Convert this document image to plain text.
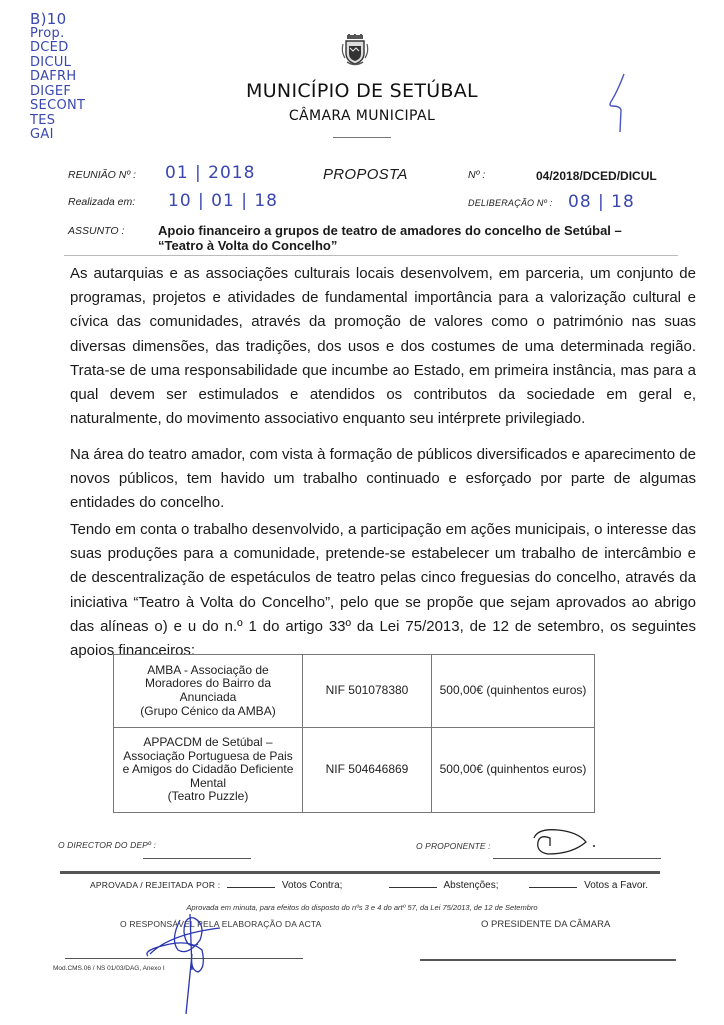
B)10
Prop.
DCED
DICUL
DAFRH
DIGEF
SECONT
TES
GAI
MUNICÍPIO DE SETÚBAL
CÂMARA MUNICIPAL
REUNIÃO Nº : 01 | 2018	PROPOSTA	Nº :	04/2018/DCED/DICUL
Realizada em: 10 | 01 | 18	DELIBERAÇÃO Nº : 08 | 18
ASSUNTO :	Apoio financeiro a grupos de teatro de amadores do concelho de Setúbal –
“Teatro à Volta do Concelho”

As autarquias e as associações culturais locais desenvolvem, em parceria, um conjunto de programas, projetos e atividades de fundamental importância para a valorização cultural e cívica das comunidades, através da promoção de valores como o património nas suas diversas dimensões, das tradições, dos usos e dos costumes de uma determinada região. Trata-se de uma responsabilidade que incumbe ao Estado, em primeira instância, mas para a qual devem ser estimulados e atendidos os contributos da sociedade em geral e, naturalmente, do movimento associativo enquanto seu intérprete privilegiado.

Na área do teatro amador, com vista à formação de públicos diversificados e aparecimento de novos públicos, tem havido um trabalho continuado e esforçado por parte de algumas entidades do concelho.

Tendo em conta o trabalho desenvolvido, a participação em ações municipais, o interesse das suas produções para a comunidade, pretende-se estabelecer um trabalho de intercâmbio e de descentralização de espetáculos de teatro pelas cinco freguesias do concelho, através da iniciativa “Teatro à Volta do Concelho”, pelo que se propõe que sejam aprovados ao abrigo das alíneas o) e u do n.º 1 do artigo 33º da Lei 75/2013, de 12 de setembro, os seguintes apoios financeiros:

AMBA - Associação de
Moradores do Bairro da
Anunciada
(Grupo Cénico da AMBA)	NIF 501078380	500,00€ (quinhentos euros)

APPACDM de Setúbal –
Associação Portuguesa de Pais
e Amigos do Cidadão Deficiente
Mental
(Teatro Puzzle)	NIF 504646869	500,00€ (quinhentos euros)
O DIRECTOR DO DEPº :	O PROPONENTE :
APROVADA / REJEITADA POR :	Votos Contra;	Abstenções;	Votos a Favor.
Aprovada em minuta, para efeitos do disposto do nºs 3 e 4 do artº 57, da Lei 75/2013, de 12 de Setembro
O RESPONSÁVEL PELA ELABORAÇÃO DA ACTA	O PRESIDENTE DA CÂMARA
Mod.CMS.06 / NS 01/03/DAG, Anexo I
